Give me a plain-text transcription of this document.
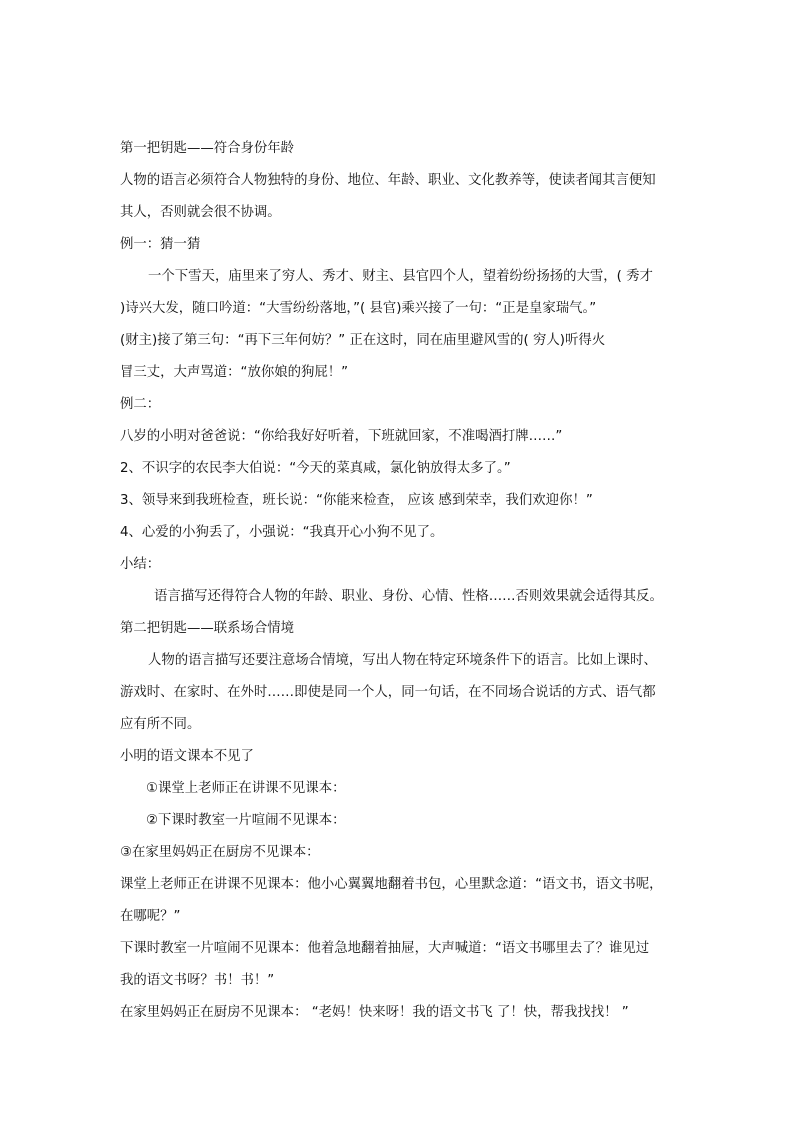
第一把钥匙——符合身份年龄
人物的语言必须符合人物独特的身份、地位、年龄、职业、文化教养等，使读者闻其言便知
其人，否则就会很不协调。
例一：猜一猜
一个下雪天，庙里来了穷人、秀才、财主、县官四个人，望着纷纷扬扬的大雪，( 秀才
)诗兴大发，随口吟道：“大雪纷纷落地，”( 县官)乘兴接了一句：“正是皇家瑞气。”
(财主)接了第三句：“再下三年何妨？” 正在这时，同在庙里避风雪的( 穷人)听得火
冒三丈，大声骂道：“放你娘的狗屁！”
例二：
八岁的小明对爸爸说：“你给我好好听着，下班就回家，不准喝酒打牌……”
2、不识字的农民李大伯说：“今天的菜真咸，氯化钠放得太多了。”
3、领导来到我班检查，班长说：“你能来检查， 应该 感到荣幸，我们欢迎你！”
4、心爱的小狗丢了，小强说：“我真开心小狗不见了。
小结：
语言描写还得符合人物的年龄、职业、身份、心情、性格……否则效果就会适得其反。
第二把钥匙——联系场合情境
人物的语言描写还要注意场合情境，写出人物在特定环境条件下的语言。比如上课时、
游戏时、在家时、在外时……即使是同一个人，同一句话，在不同场合说话的方式、语气都
应有所不同。
小明的语文课本不见了
①课堂上老师正在讲课不见课本：
②下课时教室一片喧闹不见课本：
③在家里妈妈正在厨房不见课本：
课堂上老师正在讲课不见课本：他小心翼翼地翻着书包，心里默念道：“语文书，语文书呢，
在哪呢？”
下课时教室一片喧闹不见课本：他着急地翻着抽屉，大声喊道：“语文书哪里去了？谁见过
我的语文书呀？书！书！”
在家里妈妈正在厨房不见课本： “老妈！快来呀！我的语文书飞 了！快，帮我找找！ ”
